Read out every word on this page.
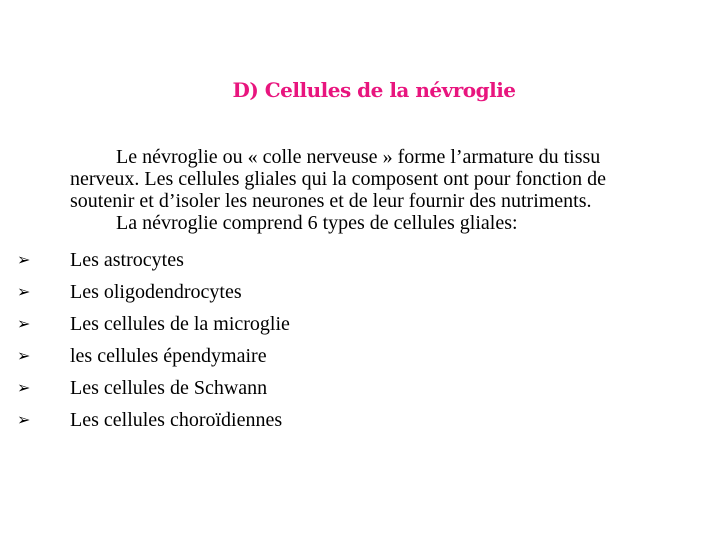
D) Cellules de la névroglie

Le névroglie ou « colle nerveuse » forme l’armature du tissu nerveux. Les cellules gliales qui la composent ont pour fonction de soutenir et d’isoler les neurones et de leur fournir des nutriments.

La névroglie comprend 6 types de cellules gliales:

➢ Les astrocytes
➢ Les oligodendrocytes
➢ Les cellules de la microglie
➢ les cellules épendymaire
➢ Les cellules de Schwann
➢ Les cellules choroïdiennes
